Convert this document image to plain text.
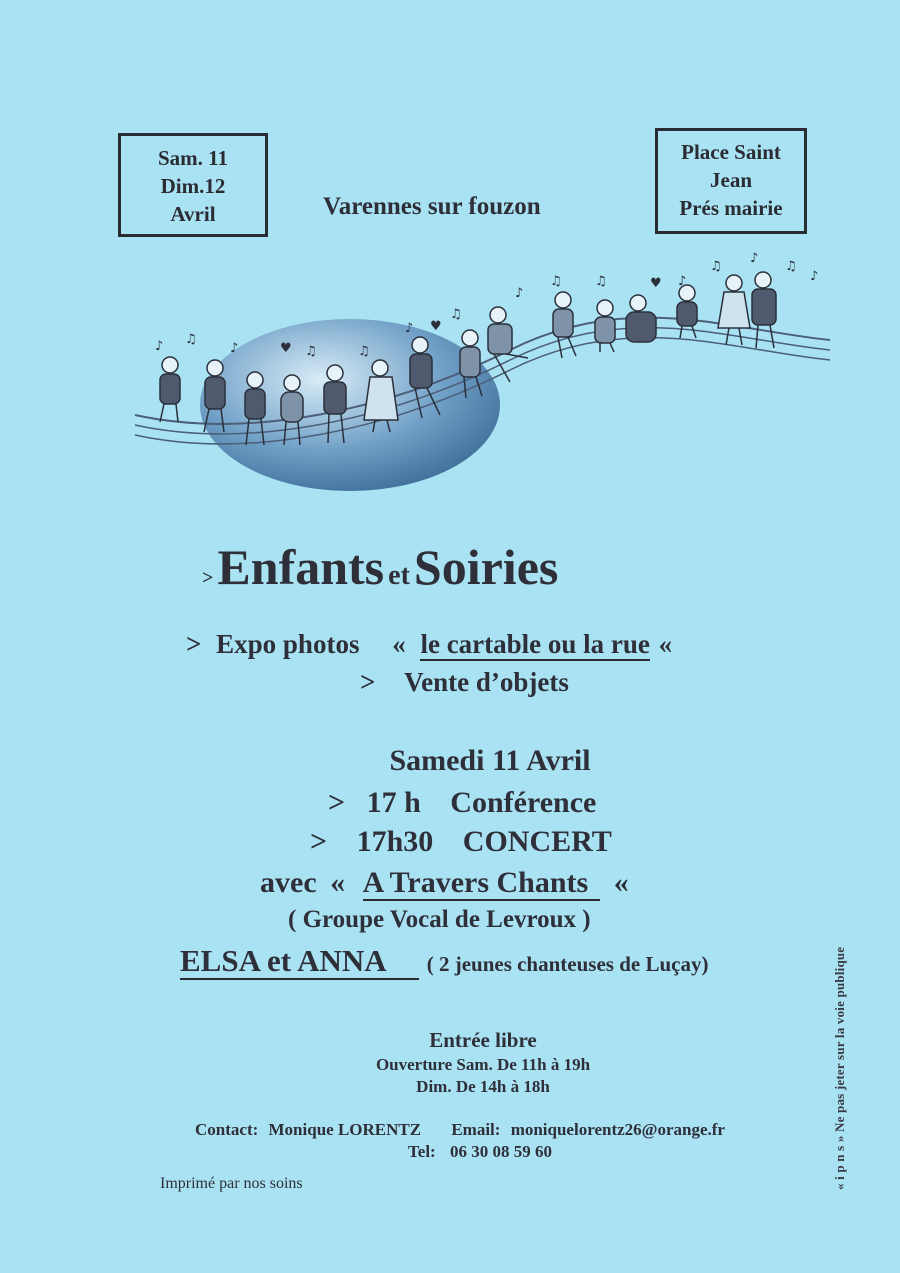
Sam. 11
Dim.12
Avril
Place Saint
Jean
Prés mairie
Varennes sur fouzon
♪ ♫
♪	♥ ♫	♫
♪ ♥
♫
♪
♫	♫	♥ ♪
♫
♪
♫
♪
> Enfants et Soiries
> Expo photos « le cartable ou la rue «
> Vente d’objets
Samedi 11 Avril
> 17 h Conférence
> 17h30 CONCERT
avec « A Travers Chants «
( Groupe Vocal de Levroux )
ELSA et ANNA ( 2 jeunes chanteuses de Luçay)
Entrée libre
Ouverture Sam. De 11h à 19h
Dim. De 14h à 18h
Contact: Monique LORENTZ Email: moniquelorentz26@orange.fr
Tel: 06 30 08 59 60
Imprimé par nos soins	« i p n s » Ne pas jeter sur la voie publique
